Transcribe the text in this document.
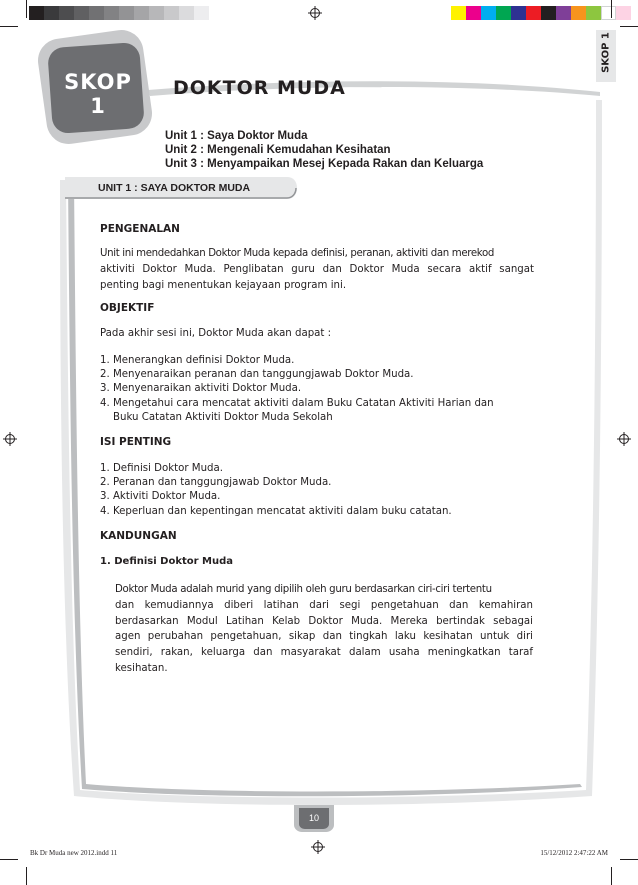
SKOP
1
DOKTOR MUDA
SKOP 1
Unit 1 : Saya Doktor Muda
Unit 2 : Mengenali Kemudahan Kesihatan
Unit 3 : Menyampaikan Mesej Kepada Rakan dan Keluarga
UNIT 1 : SAYA DOKTOR MUDA
PENGENALAN
Unit ini mendedahkan Doktor Muda kepada definisi, peranan, aktiviti dan merekod
aktiviti Doktor Muda. Penglibatan guru dan Doktor Muda secara aktif sangat
penting bagi menentukan kejayaan program ini.
OBJEKTIF
Pada akhir sesi ini, Doktor Muda akan dapat :
1. Menerangkan definisi Doktor Muda.
2. Menyenaraikan peranan dan tanggungjawab Doktor Muda.
3. Menyenaraikan aktiviti Doktor Muda.
4. Mengetahui cara mencatat aktiviti dalam Buku Catatan Aktiviti Harian dan
Buku Catatan Aktiviti Doktor Muda Sekolah
ISI PENTING
1. Definisi Doktor Muda.
2. Peranan dan tanggungjawab Doktor Muda.
3. Aktiviti Doktor Muda.
4. Keperluan dan kepentingan mencatat aktiviti dalam buku catatan.
KANDUNGAN
1. Definisi Doktor Muda
Doktor Muda adalah murid yang dipilih oleh guru berdasarkan ciri-ciri tertentu
dan kemudiannya diberi latihan dari segi pengetahuan dan kemahiran
berdasarkan Modul Latihan Kelab Doktor Muda. Mereka bertindak sebagai
agen perubahan pengetahuan, sikap dan tingkah laku kesihatan untuk diri
sendiri, rakan, keluarga dan masyarakat dalam usaha meningkatkan taraf
kesihatan.
10
Bk Dr Muda new 2012.indd 11	15/12/2012 2:47:22 AM
